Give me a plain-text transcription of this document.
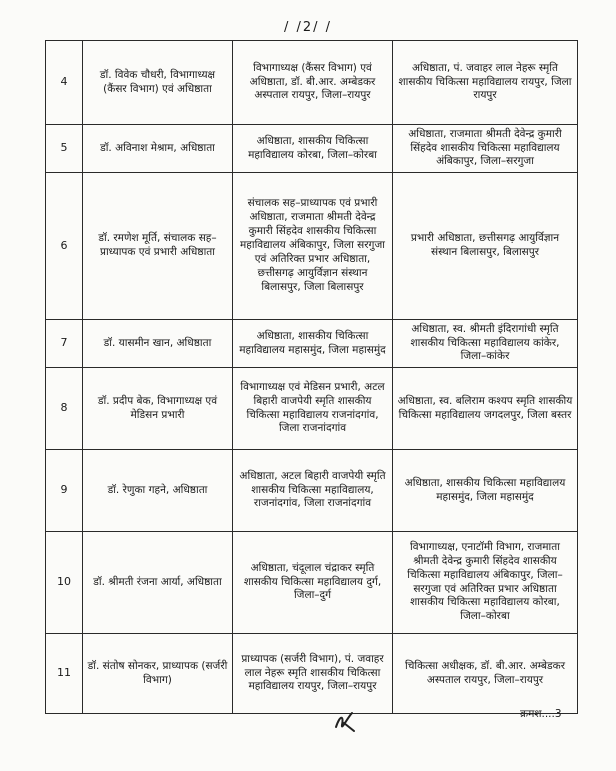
/ /2/ /
4	डॉ. विवेक चौधरी, विभागाध्यक्ष (कैंसर विभाग) एवं अधिष्ठाता	विभागाध्यक्ष (कैंसर विभाग) एवं अधिष्ठाता, डॉ. बी.आर. अम्बेडकर अस्पताल रायपुर, जिला–रायपुर	अधिष्ठाता, पं. जवाहर लाल नेहरू स्मृति शासकीय चिकित्सा महाविद्यालय रायपुर, जिला रायपुर
5	डॉ. अविनाश मेश्राम, अधिष्ठाता	अधिष्ठाता, शासकीय चिकित्सा महाविद्यालय कोरबा, जिला–कोरबा	अधिष्ठाता, राजमाता श्रीमती देवेन्द्र कुमारी सिंहदेव शासकीय चिकित्सा महाविद्यालय अंबिकापुर, जिला–सरगुजा
6	डॉ. रमणेश मूर्ति, संचालक सह–प्राध्यापक एवं प्रभारी अधिष्ठाता	संचालक सह–प्राध्यापक एवं प्रभारी अधिष्ठाता, राजमाता श्रीमती देवेन्द्र कुमारी सिंहदेव शासकीय चिकित्सा महाविद्यालय अंबिकापुर, जिला सरगुजा एवं अतिरिक्त प्रभार अधिष्ठाता, छत्तीसगढ़ आयुर्विज्ञान संस्थान बिलासपुर, जिला बिलासपुर	प्रभारी अधिष्ठाता, छत्तीसगढ़ आयुर्विज्ञान संस्थान बिलासपुर, बिलासपुर
7	डॉ. यासमीन खान, अधिष्ठाता	अधिष्ठाता, शासकीय चिकित्सा महाविद्यालय महासमुंद, जिला महासमुंद	अधिष्ठाता, स्व. श्रीमती इंदिरागांधी स्मृति शासकीय चिकित्सा महाविद्यालय कांकेर, जिला–कांकेर
8	डॉ. प्रदीप बेक, विभागाध्यक्ष एवं मेडिसन प्रभारी	विभागाध्यक्ष एवं मेडिसन प्रभारी, अटल बिहारी वाजपेयी स्मृति शासकीय चिकित्सा महाविद्यालय राजनांदगांव, जिला राजनांदगांव	अधिष्ठाता, स्व. बलिराम कश्यप स्मृति शासकीय चिकित्सा महाविद्यालय जगदलपुर, जिला बस्तर
9	डॉ. रेणुका गहने, अधिष्ठाता	अधिष्ठाता, अटल बिहारी वाजपेयी स्मृति शासकीय चिकित्सा महाविद्यालय, राजनांदगांव, जिला राजनांदगांव	अधिष्ठाता, शासकीय चिकित्सा महाविद्यालय महासमुंद, जिला महासमुंद
10	डॉ. श्रीमती रंजना आर्या, अधिष्ठाता	अधिष्ठाता, चंदूलाल चंद्राकर स्मृति शासकीय चिकित्सा महाविद्यालय दुर्ग, जिला–दुर्ग	विभागाध्यक्ष, एनाटॉमी विभाग, राजमाता श्रीमती देवेन्द्र कुमारी सिंहदेव शासकीय चिकित्सा महाविद्यालय अंबिकापुर, जिला–सरगुजा एवं अतिरिक्त प्रभार अधिष्ठाता शासकीय चिकित्सा महाविद्यालय कोरबा, जिला–कोरबा
11	डॉ. संतोष सोनकर, प्राध्यापक (सर्जरी विभाग)	प्राध्यापक (सर्जरी विभाग), पं. जवाहर लाल नेहरू स्मृति शासकीय चिकित्सा महाविद्यालय रायपुर, जिला–रायपुर	चिकित्सा अधीक्षक, डॉ. बी.आर. अम्बेडकर अस्पताल रायपुर, जिला–रायपुर
क्रमश....3
